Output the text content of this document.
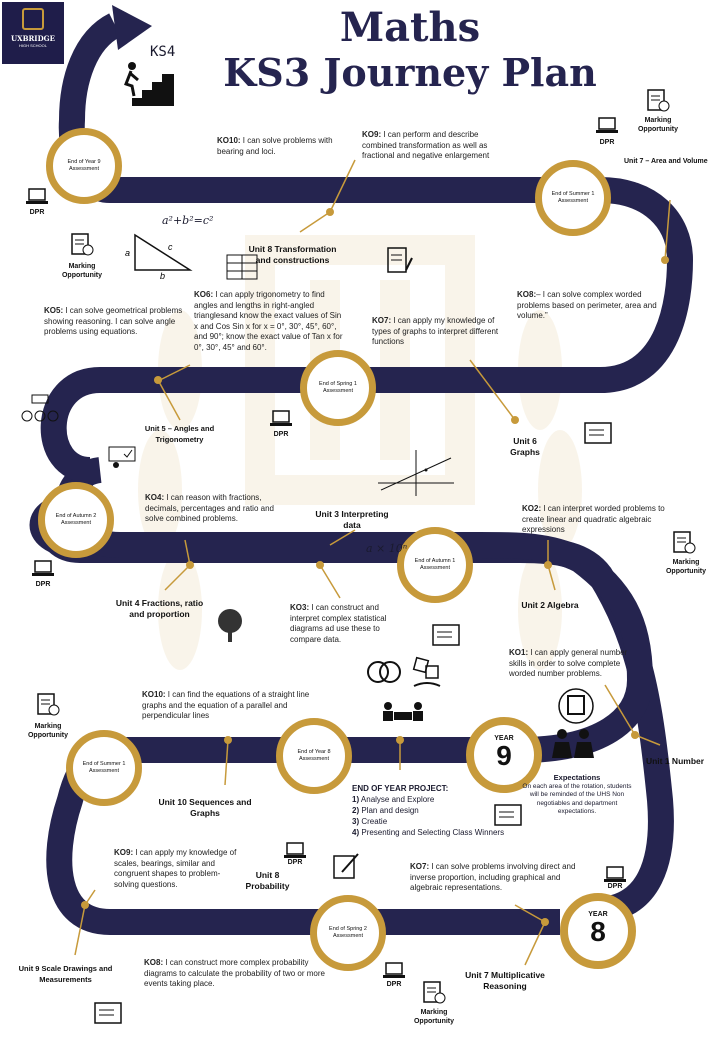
UXBRIDGE
HIGH SCHOOL	Maths
KS3 Journey Plan
KS4
End of Year 9 Assessment
End of Summer 1 Assessment
End of Spring 1 Assessment
End of Autumn 2 Assessment
End of Autumn 1 Assessment
End of Summer 1 Assessment
End of Year 8 Assessment
End of Spring 2 Assessment
YEAR
9
YEAR
8
KO10: I can solve problems with bearing and loci.
KO9: I can perform and describe combined transformation as well as fractional and negative enlargement
KO8:– I can solve complex worded problems based on perimeter, area and volume.”
KO6: I can apply trigonometry to find angles and lengths in right-angled trianglesand know the exact values of Sin x and Cos Sin x for x = 0°, 30°, 45°, 60°, and 90°; know the exact value of Tan x for 0°, 30°, 45° and 60°.
KO7: I can apply my knowledge of types of graphs to interpret different functions
KO5: I can solve geometrical problems showing reasoning. I can solve angle problems using equations.
KO4: I can reason with fractions, decimals, percentages and ratio and solve combined problems.
KO2: I can interpret worded problems to create linear and quadratic algebraic expressions
KO3: I can construct and interpret complex statistical diagrams ad use these to compare data.
KO1: I can apply general number skills in order to solve complete worded number problems.
KO10: I can find the equations of a straight line graphs and the equation of a parallel and perpendicular lines
KO9: I can apply my knowledge of scales, bearings, similar and congruent shapes to problem-solving questions.
KO7: I can solve problems involving direct and inverse proportion, including graphical and algebraic representations.
KO8: I can construct more complex probability diagrams to calculate the probability of two or more events taking place.
Unit 7 – Area and Volume
Unit 8 Transformation and constructions
Unit 5 – Angles and Trigonometry	Unit 6 Graphs
Unit 3 Interpreting data
Unit 4 Fractions, ratio and proportion
Unit 2 Algebra
Unit 1 Number
Unit 10 Sequences and Graphs
Unit 8 Probability
Unit 9 Scale Drawings and Measurements	Unit 7 Multiplicative Reasoning
END OF YEAR PROJECT:
1) Analyse and Explore
2) Plan and design
3) Creatie
4) Presenting and Selecting Class Winners
Expectations
On each area of the rotation, students will be reminded of the UHS Non negotiables and department expectations.
a²+b²=c²
a
c
b
a × 10ⁿ
DPR
DPR
DPR
DPR
DPR
DPR
DPR
Marking Opportunity
Marking Opportunity
Marking Opportunity
Marking Opportunity
Marking Opportunity
